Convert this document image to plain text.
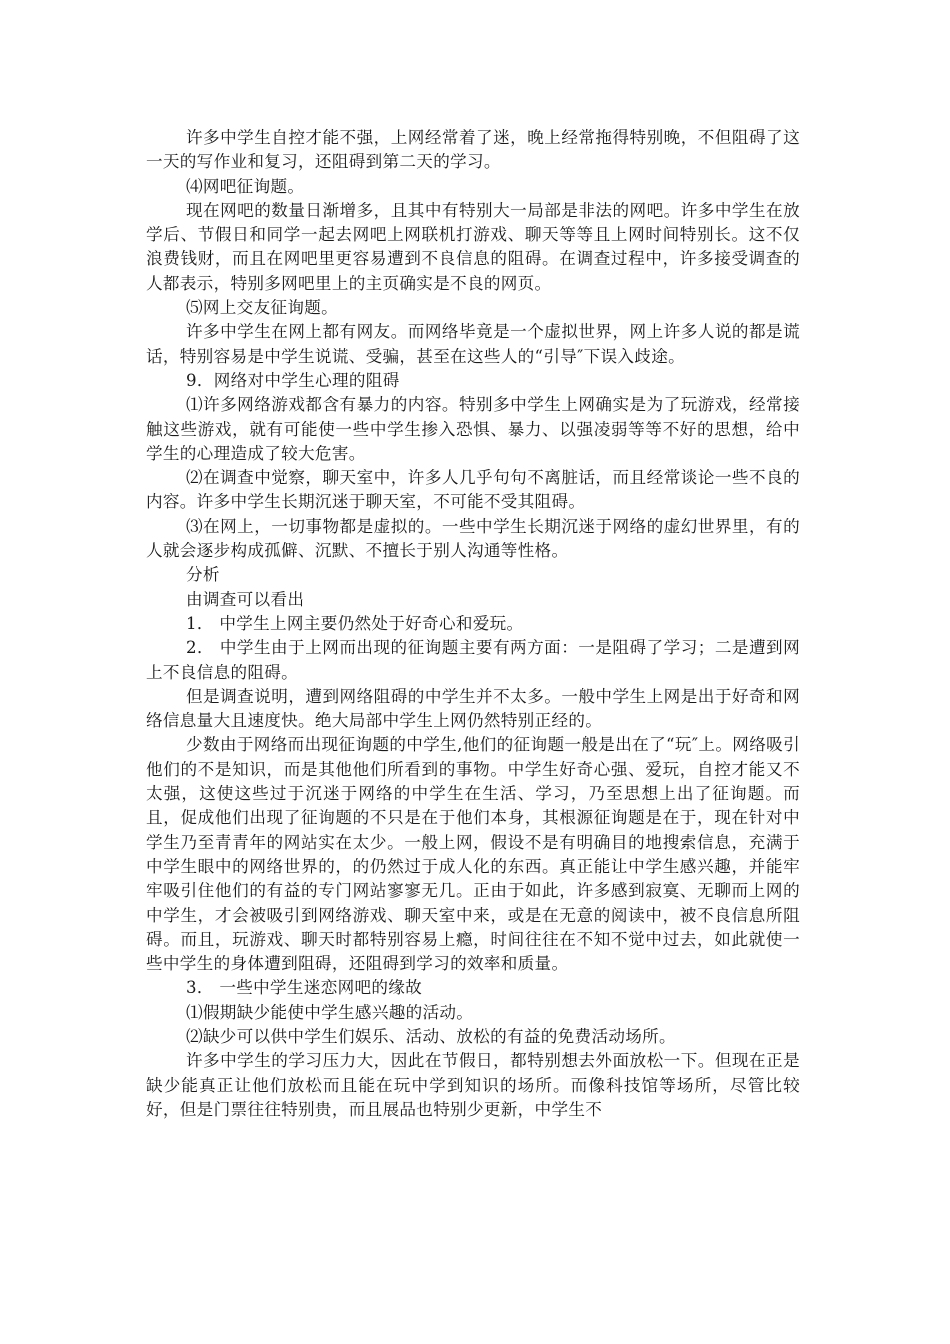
许多中学生自控才能不强，上网经常着了迷，晚上经常拖得特别晚，不但阻碍了这一天的写作业和复习，还阻碍到第二天的学习。

⑷网吧征询题。

现在网吧的数量日渐增多，且其中有特别大一局部是非法的网吧。许多中学生在放学后、节假日和同学一起去网吧上网联机打游戏、聊天等等且上网时间特别长。这不仅浪费钱财，而且在网吧里更容易遭到不良信息的阻碍。在调查过程中，许多接受调查的人都表示，特别多网吧里上的主页确实是不良的网页。

⑸网上交友征询题。

许多中学生在网上都有网友。而网络毕竟是一个虚拟世界，网上许多人说的都是谎话，特别容易是中学生说谎、受骗，甚至在这些人的“引导″下误入歧途。

9．网络对中学生心理的阻碍

⑴许多网络游戏都含有暴力的内容。特别多中学生上网确实是为了玩游戏，经常接触这些游戏，就有可能使一些中学生掺入恐惧、暴力、以强凌弱等等不好的思想，给中学生的心理造成了较大危害。

⑵在调查中觉察，聊天室中，许多人几乎句句不离脏话，而且经常谈论一些不良的内容。许多中学生长期沉迷于聊天室，不可能不受其阻碍。

⑶在网上，一切事物都是虚拟的。一些中学生长期沉迷于网络的虚幻世界里，有的人就会逐步构成孤僻、沉默、不擅长于别人沟通等性格。

分析

由调查可以看出

1． 中学生上网主要仍然处于好奇心和爱玩。

2． 中学生由于上网而出现的征询题主要有两方面：一是阻碍了学习；二是遭到网上不良信息的阻碍。

但是调查说明，遭到网络阻碍的中学生并不太多。一般中学生上网是出于好奇和网络信息量大且速度快。绝大局部中学生上网仍然特别正经的。

少数由于网络而出现征询题的中学生,他们的征询题一般是出在了“玩″上。网络吸引他们的不是知识，而是其他他们所看到的事物。中学生好奇心强、爱玩，自控才能又不太强，这使这些过于沉迷于网络的中学生在生活、学习，乃至思想上出了征询题。而且，促成他们出现了征询题的不只是在于他们本身，其根源征询题是在于，现在针对中学生乃至青青年的网站实在太少。一般上网，假设不是有明确目的地搜索信息，充满于中学生眼中的网络世界的，的仍然过于成人化的东西。真正能让中学生感兴趣，并能牢牢吸引住他们的有益的专门网站寥寥无几。正由于如此，许多感到寂寞、无聊而上网的中学生，才会被吸引到网络游戏、聊天室中来，或是在无意的阅读中，被不良信息所阻碍。而且，玩游戏、聊天时都特别容易上瘾，时间往往在不知不觉中过去，如此就使一些中学生的身体遭到阻碍，还阻碍到学习的效率和质量。

3． 一些中学生迷恋网吧的缘故

⑴假期缺少能使中学生感兴趣的活动。

⑵缺少可以供中学生们娱乐、活动、放松的有益的免费活动场所。

许多中学生的学习压力大，因此在节假日，都特别想去外面放松一下。但现在正是缺少能真正让他们放松而且能在玩中学到知识的场所。而像科技馆等场所，尽管比较好，但是门票往往特别贵，而且展品也特别少更新，中学生不
